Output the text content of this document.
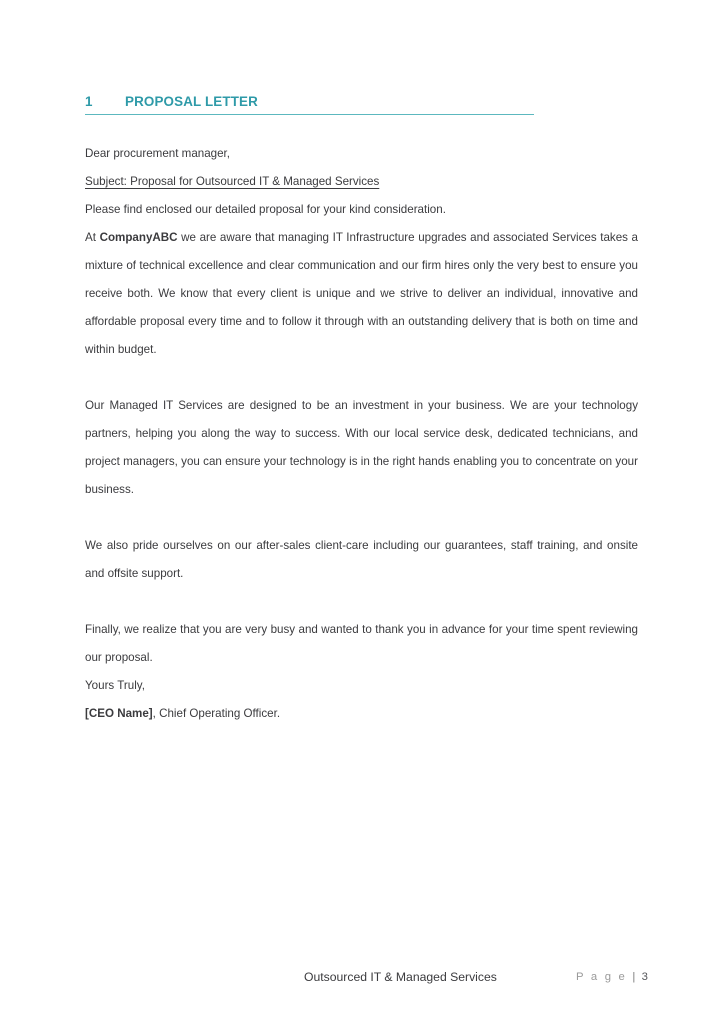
1	PROPOSAL LETTER

Dear procurement manager,

Subject: Proposal for Outsourced IT & Managed Services

Please find enclosed our detailed proposal for your kind consideration.

At CompanyABC we are aware that managing IT Infrastructure upgrades and associated Services takes a mixture of technical excellence and clear communication and our firm hires only the very best to ensure you receive both. We know that every client is unique and we strive to deliver an individual, innovative and affordable proposal every time and to follow it through with an outstanding delivery that is both on time and within budget.

Our Managed IT Services are designed to be an investment in your business. We are your technology partners, helping you along the way to success. With our local service desk, dedicated technicians, and project managers, you can ensure your technology is in the right hands enabling you to concentrate on your business.

We also pride ourselves on our after-sales client-care including our guarantees, staff training, and onsite and offsite support.

Finally, we realize that you are very busy and wanted to thank you in advance for your time spent reviewing our proposal.

Yours Truly,

[CEO Name], Chief Operating Officer.

Outsourced IT & Managed Services	P a g e | 3
